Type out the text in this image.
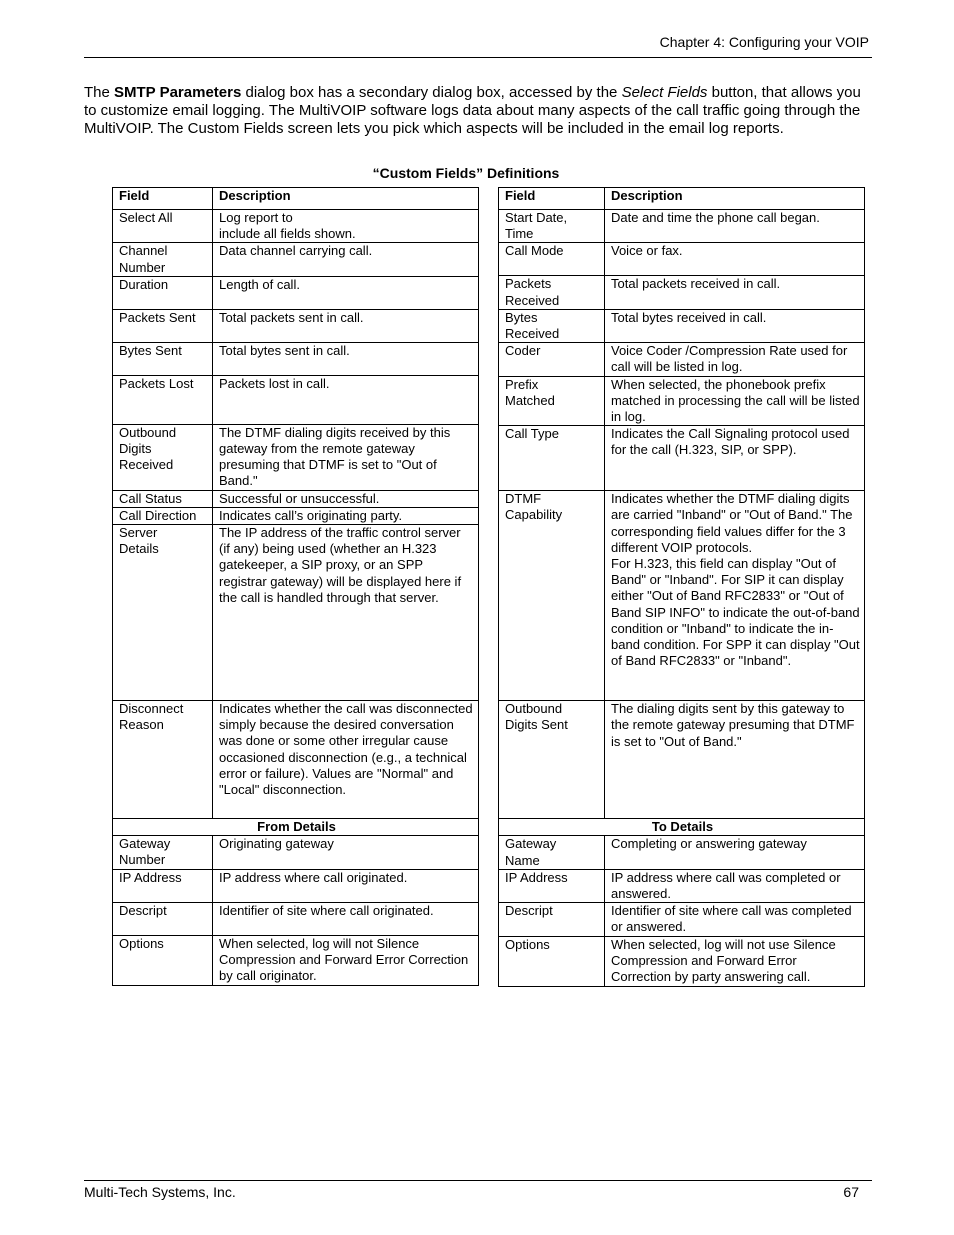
Chapter 4: Configuring your VOIP

The SMTP Parameters dialog box has a secondary dialog box, accessed by the Select Fields button, that allows you to customize email logging. The MultiVOIP software logs data about many aspects of the call traffic going through the MultiVOIP. The Custom Fields screen lets you pick which aspects will be included in the email log reports.

“Custom Fields” Definitions

Field	Description
Select All	Log report to
include all fields shown.
Channel
Number	Data channel carrying call.
Duration	Length of call.
Packets Sent	Total packets sent in call.
Bytes Sent	Total bytes sent in call.
Packets Lost	Packets lost in call.
Outbound
Digits
Received	The DTMF dialing digits received by this gateway from the remote gateway presuming that DTMF is set to "Out of Band."
Call Status	Successful or unsuccessful.
Call Direction	Indicates call’s originating party.
Server
Details	The IP address of the traffic control server (if any) being used (whether an H.323 gatekeeper, a SIP proxy, or an SPP registrar gateway) will be displayed here if the call is handled through that server.
Disconnect
Reason	Indicates whether the call was disconnected simply because the desired conversation was done or some other irregular cause occasioned disconnection (e.g., a technical error or failure). Values are "Normal" and "Local" disconnection.
From Details	
Gateway
Number	Originating gateway
IP Address	IP address where call originated.
Descript	Identifier of site where call originated.
Options	When selected, log will not Silence Compression and Forward Error Correction by call originator.
Field	Description
Start Date,
Time	Date and time the phone call began.
Call Mode	Voice or fax.
Packets
Received	Total packets received in call.
Bytes
Received	Total bytes received in call.
Coder	Voice Coder /Compression Rate used for call will be listed in log.
Prefix
Matched	When selected, the phonebook prefix matched in processing the call will be listed in log.
Call Type	Indicates the Call Signaling protocol used for the call (H.323, SIP, or SPP).
DTMF
Capability	Indicates whether the DTMF dialing digits are carried "Inband" or "Out of Band." The corresponding field values differ for the 3 different VOIP protocols.
For H.323, this field can display "Out of Band" or "Inband". For SIP it can display either "Out of Band RFC2833" or "Out of Band SIP INFO" to indicate the out-of-band condition or "Inband" to indicate the in-band condition. For SPP it can display "Out of Band RFC2833" or "Inband".
Outbound
Digits Sent	The dialing digits sent by this gateway to the remote gateway presuming that DTMF is set to "Out of Band."
To Details	
Gateway
Name	Completing or answering gateway
IP Address	IP address where call was completed or answered.
Descript	Identifier of site where call was completed or answered.
Options	When selected, log will not use Silence Compression and Forward Error Correction by party answering call.
Multi-Tech Systems, Inc.	67
